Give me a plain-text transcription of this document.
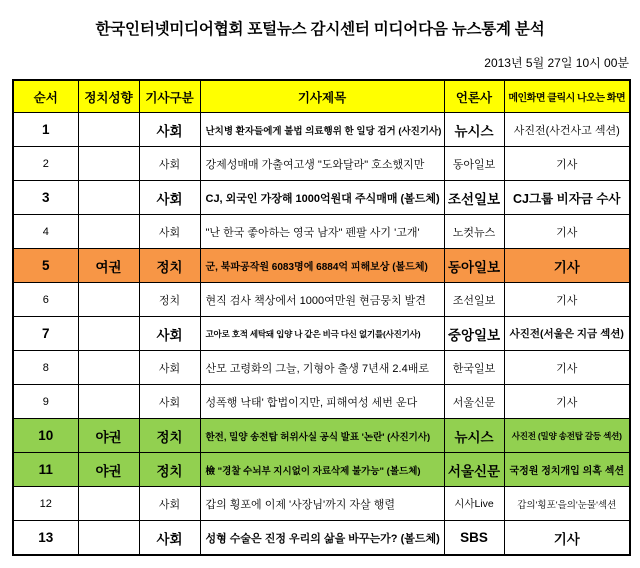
한국인터넷미디어협회 포털뉴스 감시센터 미디어다음 뉴스통계 분석
2013년 5월 27일 10시 00분
순서	정치성향	기사구분	기사제목	언론사	메인화면 클릭시 나오는 화면
1		사회	난치병 환자들에게 불법 의료행위 한 일당 검거 (사진기사)	뉴시스	사진전(사건사고 섹션)
2		사회	강제성매매 가출여고생 "도와달라" 호소했지만	동아일보	기사
3		사회	CJ, 외국인 가장해 1000억원대 주식매매 (볼드체)	조선일보	CJ그룹 비자금 수사
4		사회	"난 한국 좋아하는 영국 남자" 펜팔 사기 '고개'	노컷뉴스	기사
5	여권	정치	군, 북파공작원 6083명에 6884억 피해보상 (볼드체)	동아일보	기사
6		정치	현직 검사 책상에서 1000여만원 현금뭉치 발견	조선일보	기사
7		사회	고아로 호적 세탁돼 입양 나 같은 비극 다신 없기를(사진기사)	중앙일보	사진전(서울은 지금 섹션)
8		사회	산모 고령화의 그늘, 기형아 출생 7년새 2.4배로	한국일보	기사
9		사회	성폭행 낙태' 합법이지만, 피해여성 세번 운다	서울신문	기사
10	야권	정치	한전, 밀양 송전탑 허위사실 공식 발표 '논란' (사진기사)	뉴시스	사진전 (밀양 송전탑 갈등 섹션)
11	야권	정치	檢 "경찰 수뇌부 지시없이 자료삭제 불가능" (볼드체)	서울신문	국정원 정치개입 의혹 섹션
12		사회	갑의 횡포에 이제 '사장님'까지 자살 행렬	시사Live	갑의'횡포'을의'눈물'섹션
13		사회	성형 수술은 진정 우리의 삶을 바꾸는가? (볼드체)	SBS	기사
